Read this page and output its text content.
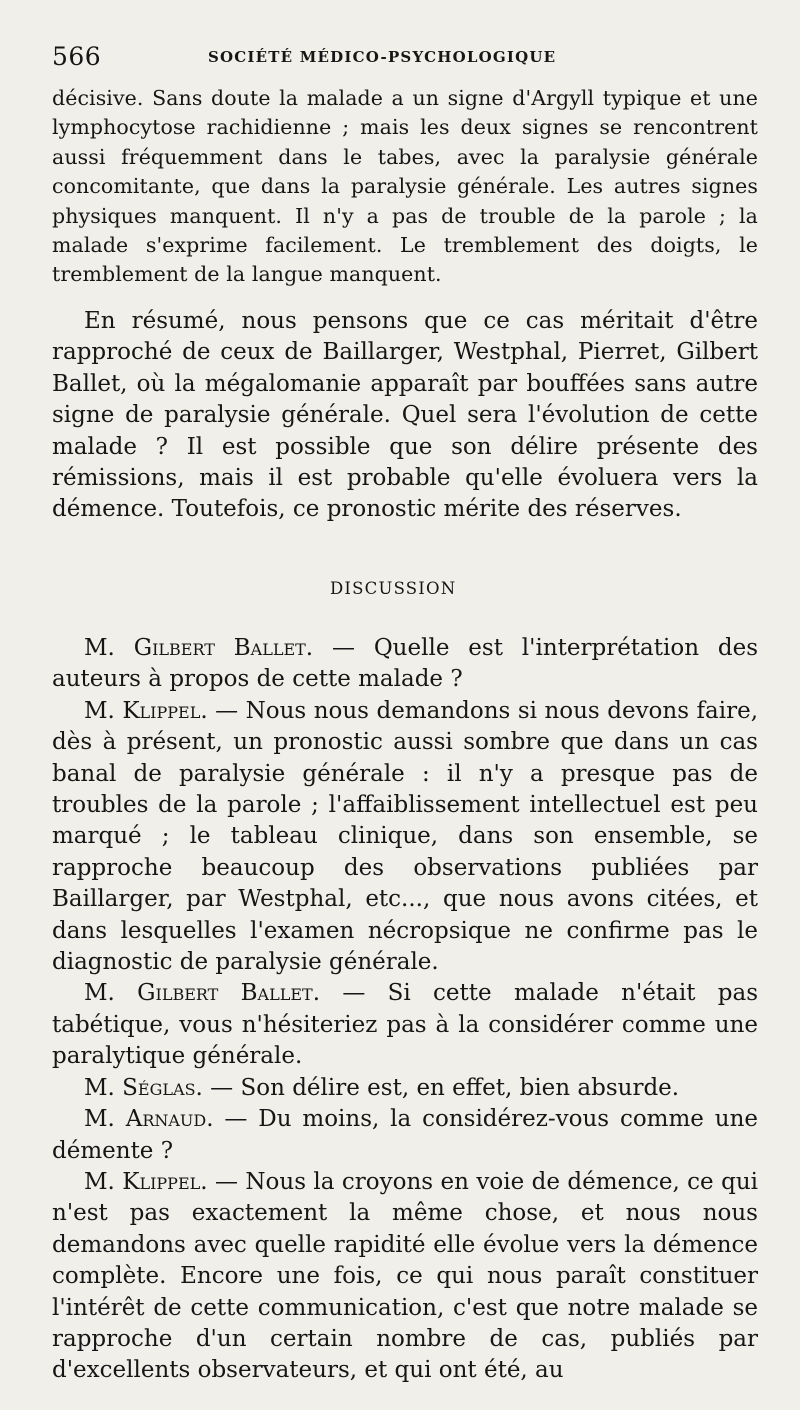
566	SOCIÉTÉ MÉDICO-PSYCHOLOGIQUE

décisive. Sans doute la malade a un signe d'Argyll typique et une lymphocytose rachidienne ; mais les deux signes se rencontrent aussi fréquemment dans le tabes, avec la paralysie générale concomitante, que dans la paralysie générale. Les autres signes physiques manquent. Il n'y a pas de trouble de la parole ; la malade s'exprime facilement. Le tremblement des doigts, le tremblement de la langue manquent.

En résumé, nous pensons que ce cas méritait d'être rapproché de ceux de Baillarger, Westphal, Pierret, Gilbert Ballet, où la mégalomanie apparaît par bouffées sans autre signe de paralysie générale. Quel sera l'évolution de cette malade ? Il est possible que son délire présente des rémissions, mais il est probable qu'elle évoluera vers la démence. Toutefois, ce pronostic mérite des réserves.

DISCUSSION

M. Gilbert Ballet. — Quelle est l'interprétation des auteurs à propos de cette malade ?

M. Klippel. — Nous nous demandons si nous devons faire, dès à présent, un pronostic aussi sombre que dans un cas banal de paralysie générale : il n'y a presque pas de troubles de la parole ; l'affaiblissement intellectuel est peu marqué ; le tableau clinique, dans son ensemble, se rapproche beaucoup des observations publiées par Baillarger, par Westphal, etc..., que nous avons citées, et dans lesquelles l'examen nécropsique ne confirme pas le diagnostic de paralysie générale.

M. Gilbert Ballet. — Si cette malade n'était pas tabétique, vous n'hésiteriez pas à la considérer comme une paralytique générale.

M. Séglas. — Son délire est, en effet, bien absurde.

M. Arnaud. — Du moins, la considérez-vous comme une démente ?

M. Klippel. — Nous la croyons en voie de démence, ce qui n'est pas exactement la même chose, et nous nous demandons avec quelle rapidité elle évolue vers la démence complète. Encore une fois, ce qui nous paraît constituer l'intérêt de cette communication, c'est que notre malade se rapproche d'un certain nombre de cas, publiés par d'excellents observateurs, et qui ont été, au
